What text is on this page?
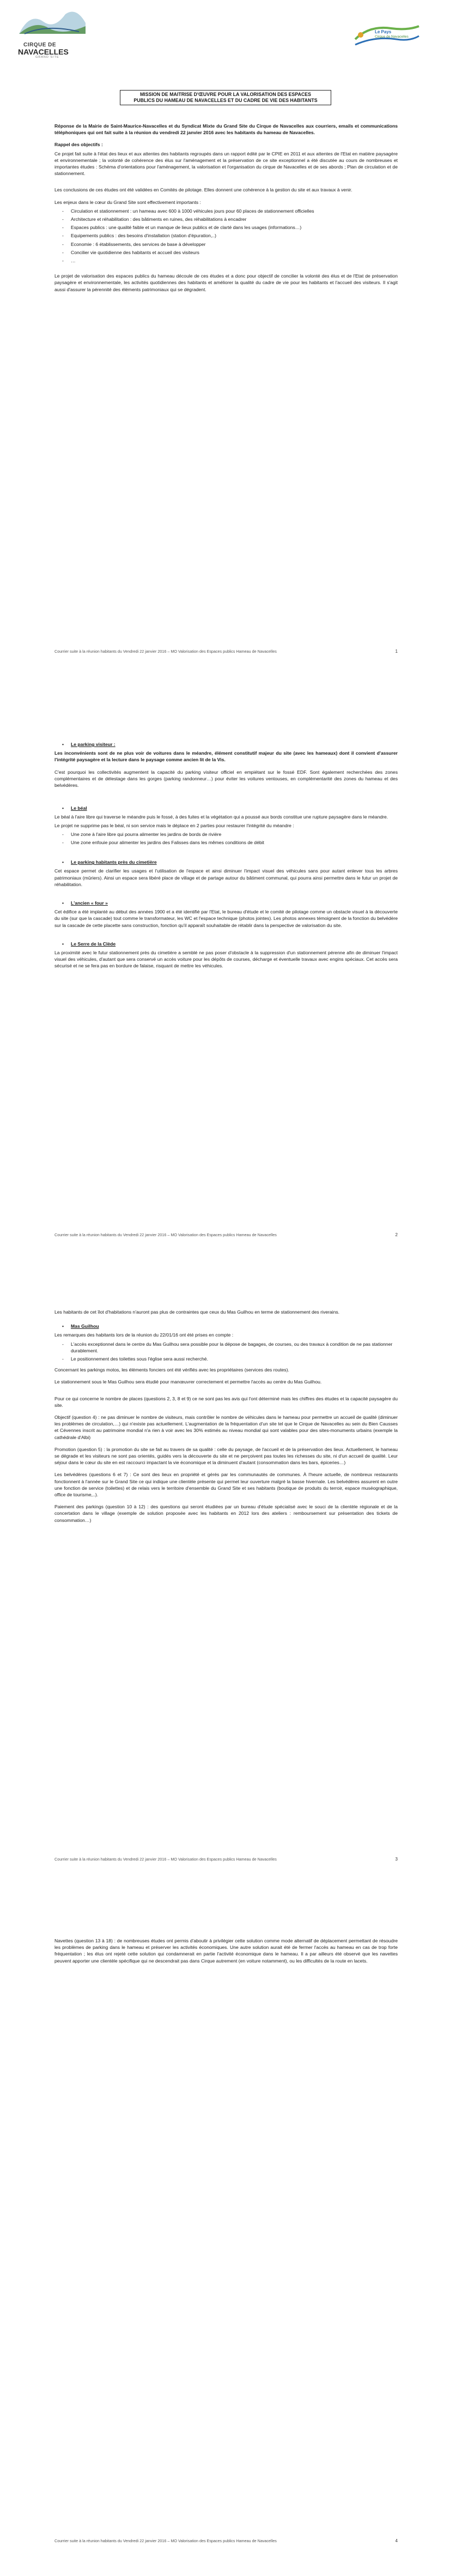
CIRQUE DE
NAVACELLES
GRAND SITE
Le Pays
Cirque de Navacelles
MISSION DE MAITRISE D'ŒUVRE POUR LA VALORISATION DES ESPACES
PUBLICS DU HAMEAU DE NAVACELLES ET DU CADRE DE VIE DES HABITANTS

Réponse de la Mairie de Saint-Maurice-Navacelles et du Syndicat Mixte du Grand Site du Cirque de Navacelles aux courriers, emails et communications téléphoniques qui ont fait suite à la réunion du vendredi 22 janvier 2016 avec les habitants du hameau de Navacelles.

Rappel des objectifs :

Ce projet fait suite à l'état des lieux et aux attentes des habitants regroupés dans un rapport édité par le CPIE en 2011 et aux attentes de l'Etat en matière paysagère et environnementale ; la volonté de cohérence des élus sur l'aménagement et la préservation de ce site exceptionnel a été discutée au cours de nombreuses et importantes études : Schéma d'orientations pour l'aménagement, la valorisation et l'organisation du cirque de Navacelles et de ses abords ; Plan de circulation et de stationnement.

Les conclusions de ces études ont été validées en Comités de pilotage. Elles donnent une cohérence à la gestion du site et aux travaux à venir.

Les enjeux dans le cœur du Grand Site sont effectivement importants :

- Circulation et stationnement : un hameau avec 600 à 1000 véhicules jours pour 60 places de stationnement officielles
- Architecture et réhabilitation : des bâtiments en ruines, des réhabilitations à encadrer
- Espaces publics : une qualité faible et un manque de lieux publics et de clarté dans les usages (informations…)
- Equipements publics : des besoins d'installation (station d'épuration,..)
- Economie : 6 établissements, des services de base à développer
- Concilier vie quotidienne des habitants et accueil des visiteurs
- …

Le projet de valorisation des espaces publics du hameau découle de ces études et a donc pour objectif de concilier la volonté des élus et de l'Etat de préservation paysagère et environnementale, les activités quotidiennes des habitants et améliorer la qualité du cadre de vie pour les habitants et l'accueil des visiteurs. Il s'agit aussi d'assurer la pérennité des éléments patrimoniaux qui se dégradent.

Courrier suite à la réunion habitants du Vendredi 22 janvier 2016 – MO Valorisation des Espaces publics Hameau de Navacelles	1
• Le parking visiteur :

Les inconvénients sont de ne plus voir de voitures dans le méandre, élément constitutif majeur du site (avec les hameaux) dont il convient d'assurer l'intégrité paysagère et la lecture dans le paysage comme ancien lit de la Vis.

C'est pourquoi les collectivités augmentent la capacité du parking visiteur officiel en empiétant sur le fossé EDF. Sont également recherchées des zones complémentaires et de délestage dans les gorges (parking randonneur…) pour éviter les voitures ventouses, en complémentarité des zones du hameau et des belvédères.

• Le béal

Le béal à l'aire libre qui traverse le méandre puis le fossé, à des fuites et la végétation qui a poussé aux bords constitue une rupture paysagère dans le méandre.

Le projet ne supprime pas le béal, ni son service mais le déplace en 2 parties pour restaurer l'intégrité du méandre :

- Une zone à l'aire libre qui pourra alimenter les jardins de bords de rivière
- Une zone enfouie pour alimenter les jardins des Falisses dans les mêmes conditions de débit
• Le parking habitants près du cimetière

Cet espace permet de clarifier les usages et l'utilisation de l'espace et ainsi diminuer l'impact visuel des véhicules sans pour autant enlever tous les arbres patrimoniaux (mûriers). Ainsi un espace sera libéré place de village et de partage autour du bâtiment communal, qui pourra ainsi permettre dans le futur un projet de réhabilitation.

• L'ancien « four »

Cet édifice a été implanté au début des années 1900 et a été identifié par l'Etat, le bureau d'étude et le comité de pilotage comme un obstacle visuel à la découverte du site (sur que la cascade) tout comme le transformateur, les WC et l'espace technique (photos jointes). Les photos annexes témoignent de la fonction du belvédère sur la cascade de cette placette sans construction, fonction qu'il apparaît souhaitable de rétablir dans la perspective de valorisation du site.

• Le Serre de la Clède

La proximité avec le futur stationnement près du cimetière a semblé ne pas poser d'obstacle à la suppression d'un stationnement pérenne afin de diminuer l'impact visuel des véhicules, d'autant que sera conservé un accès voiture pour les dépôts de courses, décharge et éventuelle travaux avec engins spéciaux. Cet accès sera sécurisé et ne se fera pas en bordure de falaise, risquant de mettre les véhicules.

Courrier suite à la réunion habitants du Vendredi 22 janvier 2016 – MO Valorisation des Espaces publics Hameau de Navacelles	2

Les habitants de cet îlot d'habitations n'auront pas plus de contraintes que ceux du Mas Guilhou en terme de stationnement des riverains.

• Mas Guilhou

Les remarques des habitants lors de la réunion du 22/01/16 ont été prises en compte :

- L'accès exceptionnel dans le centre du Mas Guilhou sera possible pour la dépose de bagages, de courses, ou des travaux à condition de ne pas stationner durablement.
- Le positionnement des toilettes sous l'église sera aussi recherché.

Concernant les parkings motos, les éléments fonciers ont été vérifiés avec les propriétaires (services des routes).

Le stationnement sous le Mas Guilhou sera étudié pour manœuvrer correctement et permettre l'accès au centre du Mas Guilhou.

Pour ce qui concerne le nombre de places (questions 2, 3, 8 et 9) ce ne sont pas les avis qui l'ont déterminé mais les chiffres des études et la capacité paysagère du site.

Objectif (question 4) : ne pas diminuer le nombre de visiteurs, mais contrôler le nombre de véhicules dans le hameau pour permettre un accueil de qualité (diminuer les problèmes de circulation,…) qui n'existe pas actuellement. L'augmentation de la fréquentation d'un site tel que le Cirque de Navacelles au sein du Bien Causses et Cévennes inscrit au patrimoine mondial n'a rien à voir avec les 30% estimés au niveau mondial qui sont valables pour des sites-monuments urbains (exemple la cathédrale d'Albi)

Promotion (question 5) : la promotion du site se fait au travers de sa qualité : celle du paysage, de l'accueil et de la préservation des lieux. Actuellement, le hameau se dégrade et les visiteurs ne sont pas orientés, guidés vers la découverte du site et ne perçoivent pas toutes les richesses du site, ni d'un accueil de qualité. Leur séjour dans le cœur du site en est raccourci impactant la vie économique et la diminuent d'autant (consommation dans les bars, épiceries…)

Les belvédères (questions 6 et 7) : Ce sont des lieux en propriété et gérés par les communautés de communes. À l'heure actuelle, de nombreux restaurants fonctionnent à l'année sur le Grand Site ce qui indique une clientèle présente qui permet leur ouverture malgré la basse hivernale. Les belvédères assurent en outre une fonction de service (toilettes) et de relais vers le territoire d'ensemble du Grand Site et ses habitants (boutique de produits du terroir, espace muséographique, office de tourisme,..).

Paiement des parkings (question 10 à 12) : des questions qui seront étudiées par un bureau d'étude spécialisé avec le souci de la clientèle régionale et de la concertation dans le village (exemple de solution proposée avec les habitants en 2012 lors des ateliers : remboursement sur présentation des tickets de consommation…)

Courrier suite à la réunion habitants du Vendredi 22 janvier 2016 – MO Valorisation des Espaces publics Hameau de Navacelles	3

Navettes (question 13 à 18) : de nombreuses études ont permis d'aboutir à privilégier cette solution comme mode alternatif de déplacement permettant de résoudre les problèmes de parking dans le hameau et préserver les activités économiques. Une autre solution aurait été de fermer l'accès au hameau en cas de trop forte fréquentation ; les élus ont rejeté cette solution qui condamnerait en partie l'activité économique dans le hameau. Il a par ailleurs été observé que les navettes peuvent apporter une clientèle spécifique qui ne descendrait pas dans Cirque autrement (en voiture notamment), ou les difficultés de la route en lacets.

Courrier suite à la réunion habitants du Vendredi 22 janvier 2016 – MO Valorisation des Espaces publics Hameau de Navacelles	4
